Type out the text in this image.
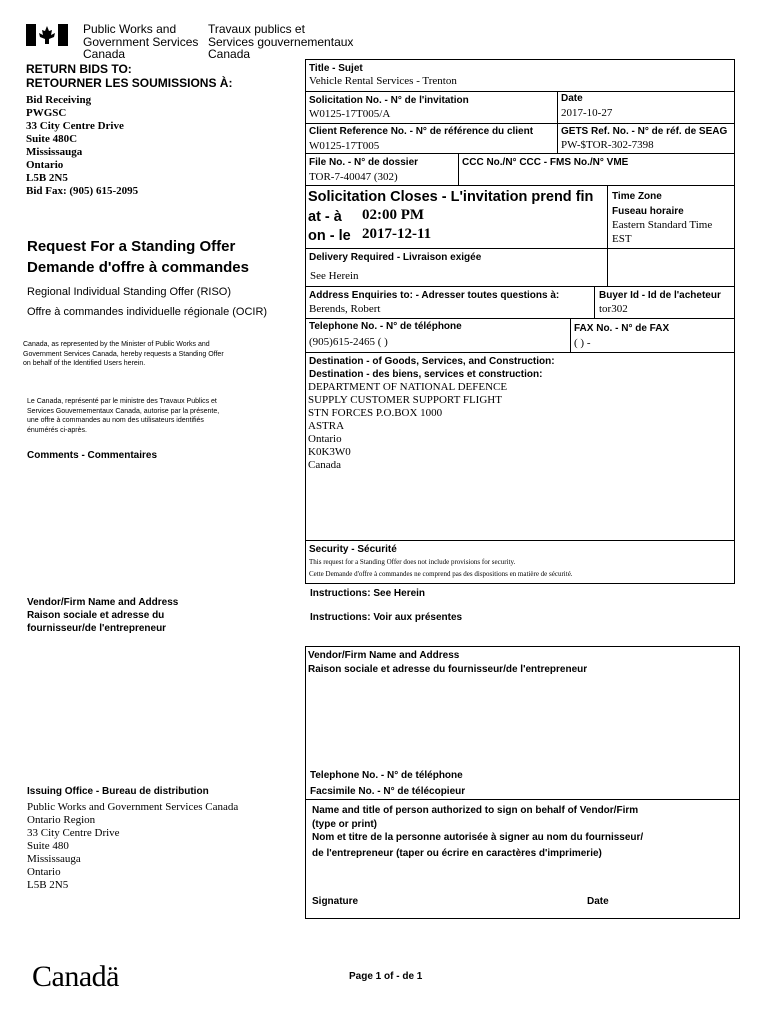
Public Works and
Government Services
Canada
Travaux publics et
Services gouvernementaux
Canada
RETURN BIDS TO:
RETOURNER LES SOUMISSIONS À:
Bid Receiving
PWGSC
33 City Centre Drive
Suite 480C
Mississauga
Ontario
L5B 2N5
Bid Fax: (905) 615-2095
Request For a Standing Offer
Demande d'offre à commandes
Regional Individual Standing Offer (RISO)
Offre à commandes individuelle régionale (OCIR)
Canada, as represented by the Minister of Public Works and
Government Services Canada, hereby requests a Standing Offer
on behalf of the Identified Users herein.
Le Canada, représenté par le ministre des Travaux Publics et
Services Gouvernementaux Canada, autorise par la présente,
une offre à commandes au nom des utilisateurs identifiés
énumérés ci-après.
Comments - Commentaires
Vendor/Firm Name and Address
Raison sociale et adresse du
fournisseur/de l'entrepreneur
Issuing Office - Bureau de distribution
Public Works and Government Services Canada
Ontario Region
33 City Centre Drive
Suite 480
Mississauga
Ontario
L5B 2N5
Title - Sujet
Vehicle Rental Services - Trenton
Solicitation No. - N° de l'invitation
W0125-17T005/A
Date
2017-10-27
Client Reference No. - N° de référence du client
W0125-17T005
GETS Ref. No. - N° de réf. de SEAG
PW-$TOR-302-7398
File No. - N° de dossier
TOR-7-40047 (302)
CCC No./N° CCC - FMS No./N° VME
Solicitation Closes - L'invitation prend fin
at - à 02:00 PM
on - le 2017-12-11
Time Zone
Fuseau horaire
Eastern Standard Time
EST
Delivery Required - Livraison exigée
See Herein
Address Enquiries to: - Adresser toutes questions à:
Berends, Robert
Buyer Id - Id de l'acheteur
tor302
Telephone No. - N° de téléphone
(905)615-2465 ( )
FAX No. - N° de FAX
( ) -
Destination - of Goods, Services, and Construction:
Destination - des biens, services et construction:
DEPARTMENT OF NATIONAL DEFENCE
SUPPLY CUSTOMER SUPPORT FLIGHT
STN FORCES P.O.BOX 1000
ASTRA
Ontario
K0K3W0
Canada
Security - Sécurité
This request for a Standing Offer does not include provisions for security.
Cette Demande d'offre à commandes ne comprend pas des dispositions en matière de sécurité.
Instructions: See Herein
Instructions: Voir aux présentes
Vendor/Firm Name and Address
Raison sociale et adresse du fournisseur/de l'entrepreneur
Telephone No. - N° de téléphone
Facsimile No. - N° de télécopieur
Name and title of person authorized to sign on behalf of Vendor/Firm
(type or print)
Nom et titre de la personne autorisée à signer au nom du fournisseur/
de l'entrepreneur (taper ou écrire en caractères d'imprimerie)
Signature	Date
Canadä	Page 1 of - de 1
